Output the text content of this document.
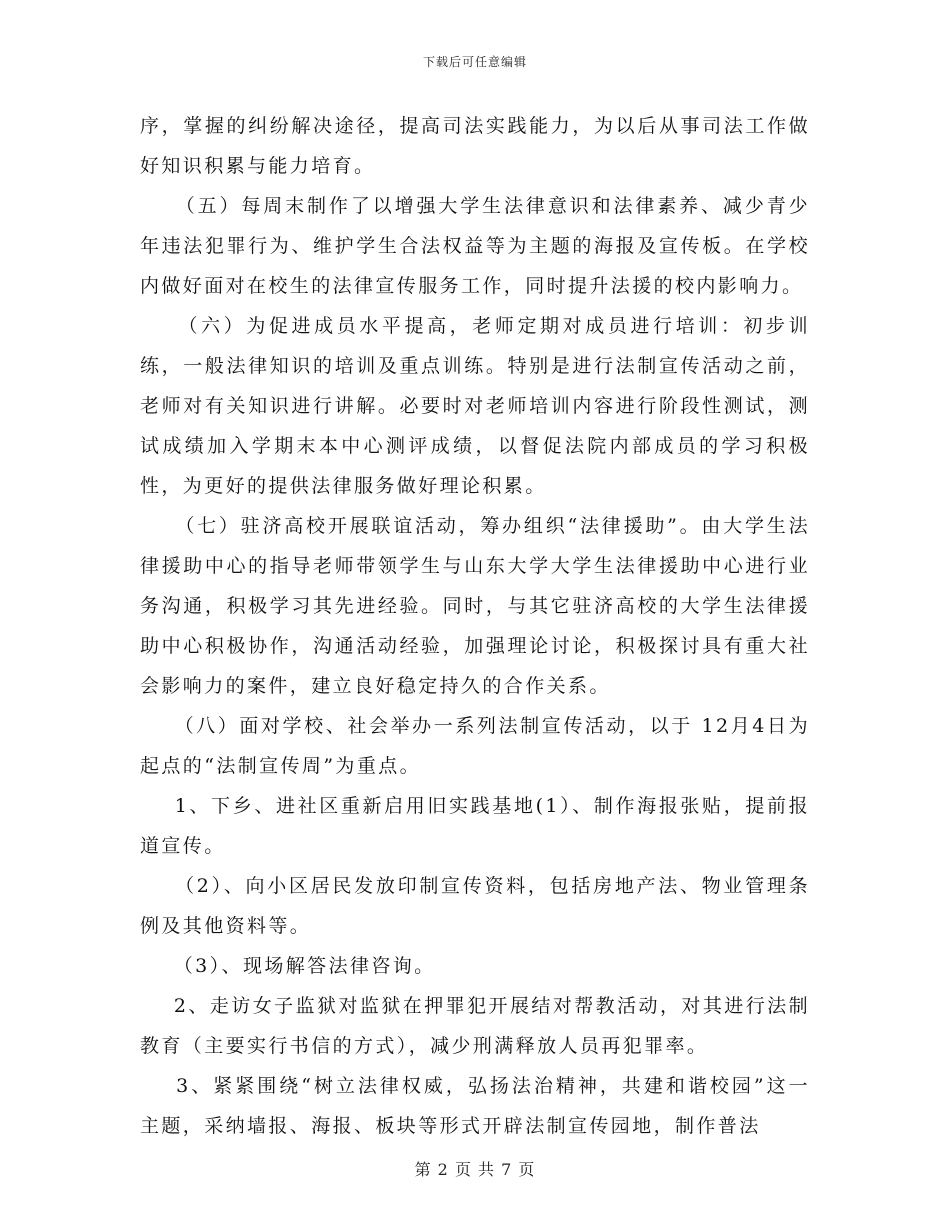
下载后可任意编辑

序，掌握的纠纷解决途径，提高司法实践能力，为以后从事司法工作做好知识积累与能力培育。

（五）每周末制作了以增强大学生法律意识和法律素养、减少青少年违法犯罪行为、维护学生合法权益等为主题的海报及宣传板。在学校内做好面对在校生的法律宣传服务工作，同时提升法援的校内影响力。

（六）为促进成员水平提高，老师定期对成员进行培训：初步训练，一般法律知识的培训及重点训练。特别是进行法制宣传活动之前，老师对有关知识进行讲解。必要时对老师培训内容进行阶段性测试，测试成绩加入学期末本中心测评成绩，以督促法院内部成员的学习积极性，为更好的提供法律服务做好理论积累。

（七）驻济高校开展联谊活动，筹办组织“法律援助”。由大学生法律援助中心的指导老师带领学生与山东大学大学生法律援助中心进行业务沟通，积极学习其先进经验。同时，与其它驻济高校的大学生法律援助中心积极协作，沟通活动经验，加强理论讨论，积极探讨具有重大社会影响力的案件，建立良好稳定持久的合作关系。

（八）面对学校、社会举办一系列法制宣传活动，以于 12月4日为起点的“法制宣传周”为重点。

1、下乡、进社区重新启用旧实践基地(1）、制作海报张贴，提前报道宣传。

（2）、向小区居民发放印制宣传资料，包括房地产法、物业管理条例及其他资料等。

（3）、现场解答法律咨询。

2、走访女子监狱对监狱在押罪犯开展结对帮教活动，对其进行法制教育（主要实行书信的方式），减少刑满释放人员再犯罪率。

3、紧紧围绕“树立法律权威，弘扬法治精神，共建和谐校园”这一主题，采纳墙报、海报、板块等形式开辟法制宣传园地，制作普法

第 2 页 共 7 页
